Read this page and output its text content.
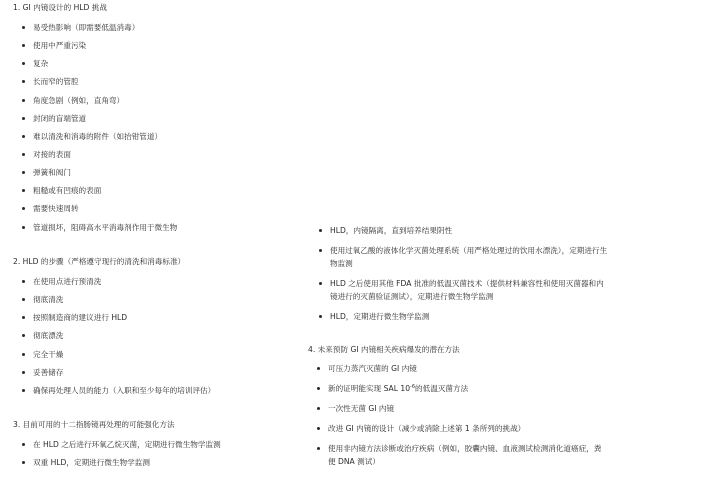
1. GI 内镜设计的 HLD 挑战

易受热影响（即需要低温消毒）
使用中严重污染
复杂
长而窄的管腔
角度急剧（例如，直角弯）
封闭的盲端管道
难以清洗和消毒的附件（如抬钳管道）
对接的表面
弹簧和阀门
粗糙或有凹痕的表面
需要快速周转
管道损坏，阻碍高水平消毒剂作用于微生物

2. HLD 的步骤（严格遵守现行的清洗和消毒标准）

在使用点进行预清洗
彻底清洗
按照制造商的建议进行 HLD
彻底漂洗
完全干燥
妥善储存
确保再处理人员的能力（入职和至少每年的培训评估）

3. 目前可用的十二指肠镜再处理的可能强化方法

在 HLD 之后进行环氧乙烷灭菌，定期进行微生物学监测
双重 HLD，定期进行微生物学监测
HLD，内镜隔离，直到培养结果阴性
使用过氧乙酸的液体化学灭菌处理系统（用严格处理过的饮用水漂洗），定期进行生物监测
HLD 之后使用其他 FDA 批准的低温灭菌技术（提供材料兼容性和使用灭菌器和内镜进行的灭菌验证测试），定期进行微生物学监测
HLD，定期进行微生物学监测

4. 未来预防 GI 内镜相关疾病爆发的潜在方法

可压力蒸汽灭菌的 GI 内镜
新的证明能实现 SAL $10^{-6}$的低温灭菌方法
一次性无菌 GI 内镜
改进 GI 内镜的设计（减少或消除上述第 1 条所列的挑战）
使用非内镜方法诊断或治疗疾病（例如，胶囊内镜、血液测试检测消化道癌症，粪便 DNA 测试）
